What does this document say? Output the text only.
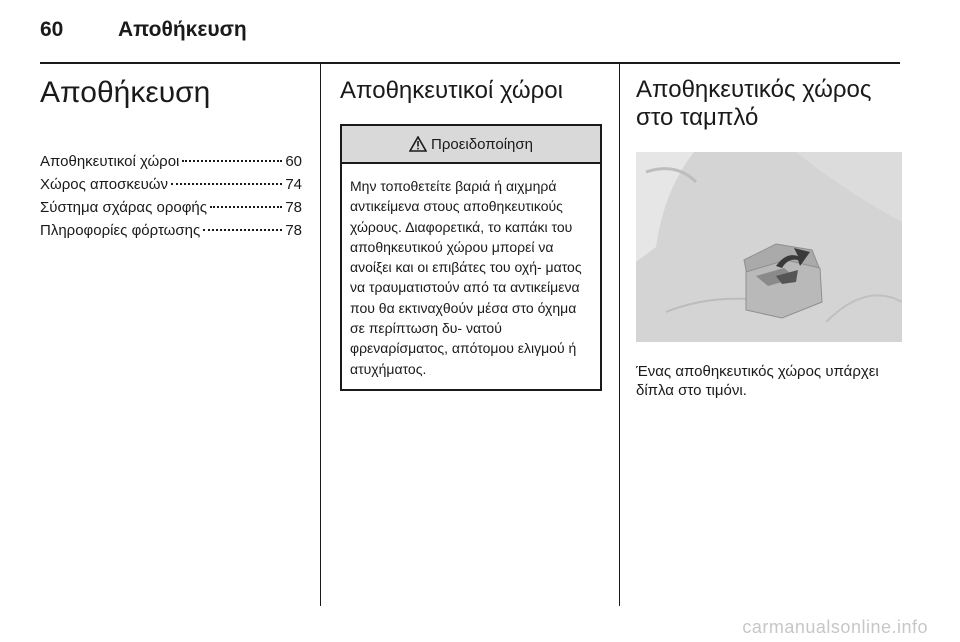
60	Αποθήκευση
Αποθήκευση
Αποθηκευτικοί χώροι	60
Χώρος αποσκευών	74
Σύστημα σχάρας οροφής	78
Πληροφορίες φόρτωσης	78
Αποθηκευτικοί χώροι
Προειδοποίηση
Μην τοποθετείτε βαριά ή αιχμηρά αντικείμενα στους αποθηκευτικούς χώρους. Διαφορετικά, το καπάκι του αποθηκευτικού χώρου μπορεί να ανοίξει και οι επιβάτες του οχή- ματος να τραυματιστούν από τα αντικείμενα που θα εκτιναχθούν μέσα στο όχημα σε περίπτωση δυ- νατού φρεναρίσματος, απότομου ελιγμού ή ατυχήματος.
Αποθηκευτικός χώρος στο ταμπλό
Ένας αποθηκευτικός χώρος υπάρχει δίπλα στο τιμόνι.
carmanualsonline.info
